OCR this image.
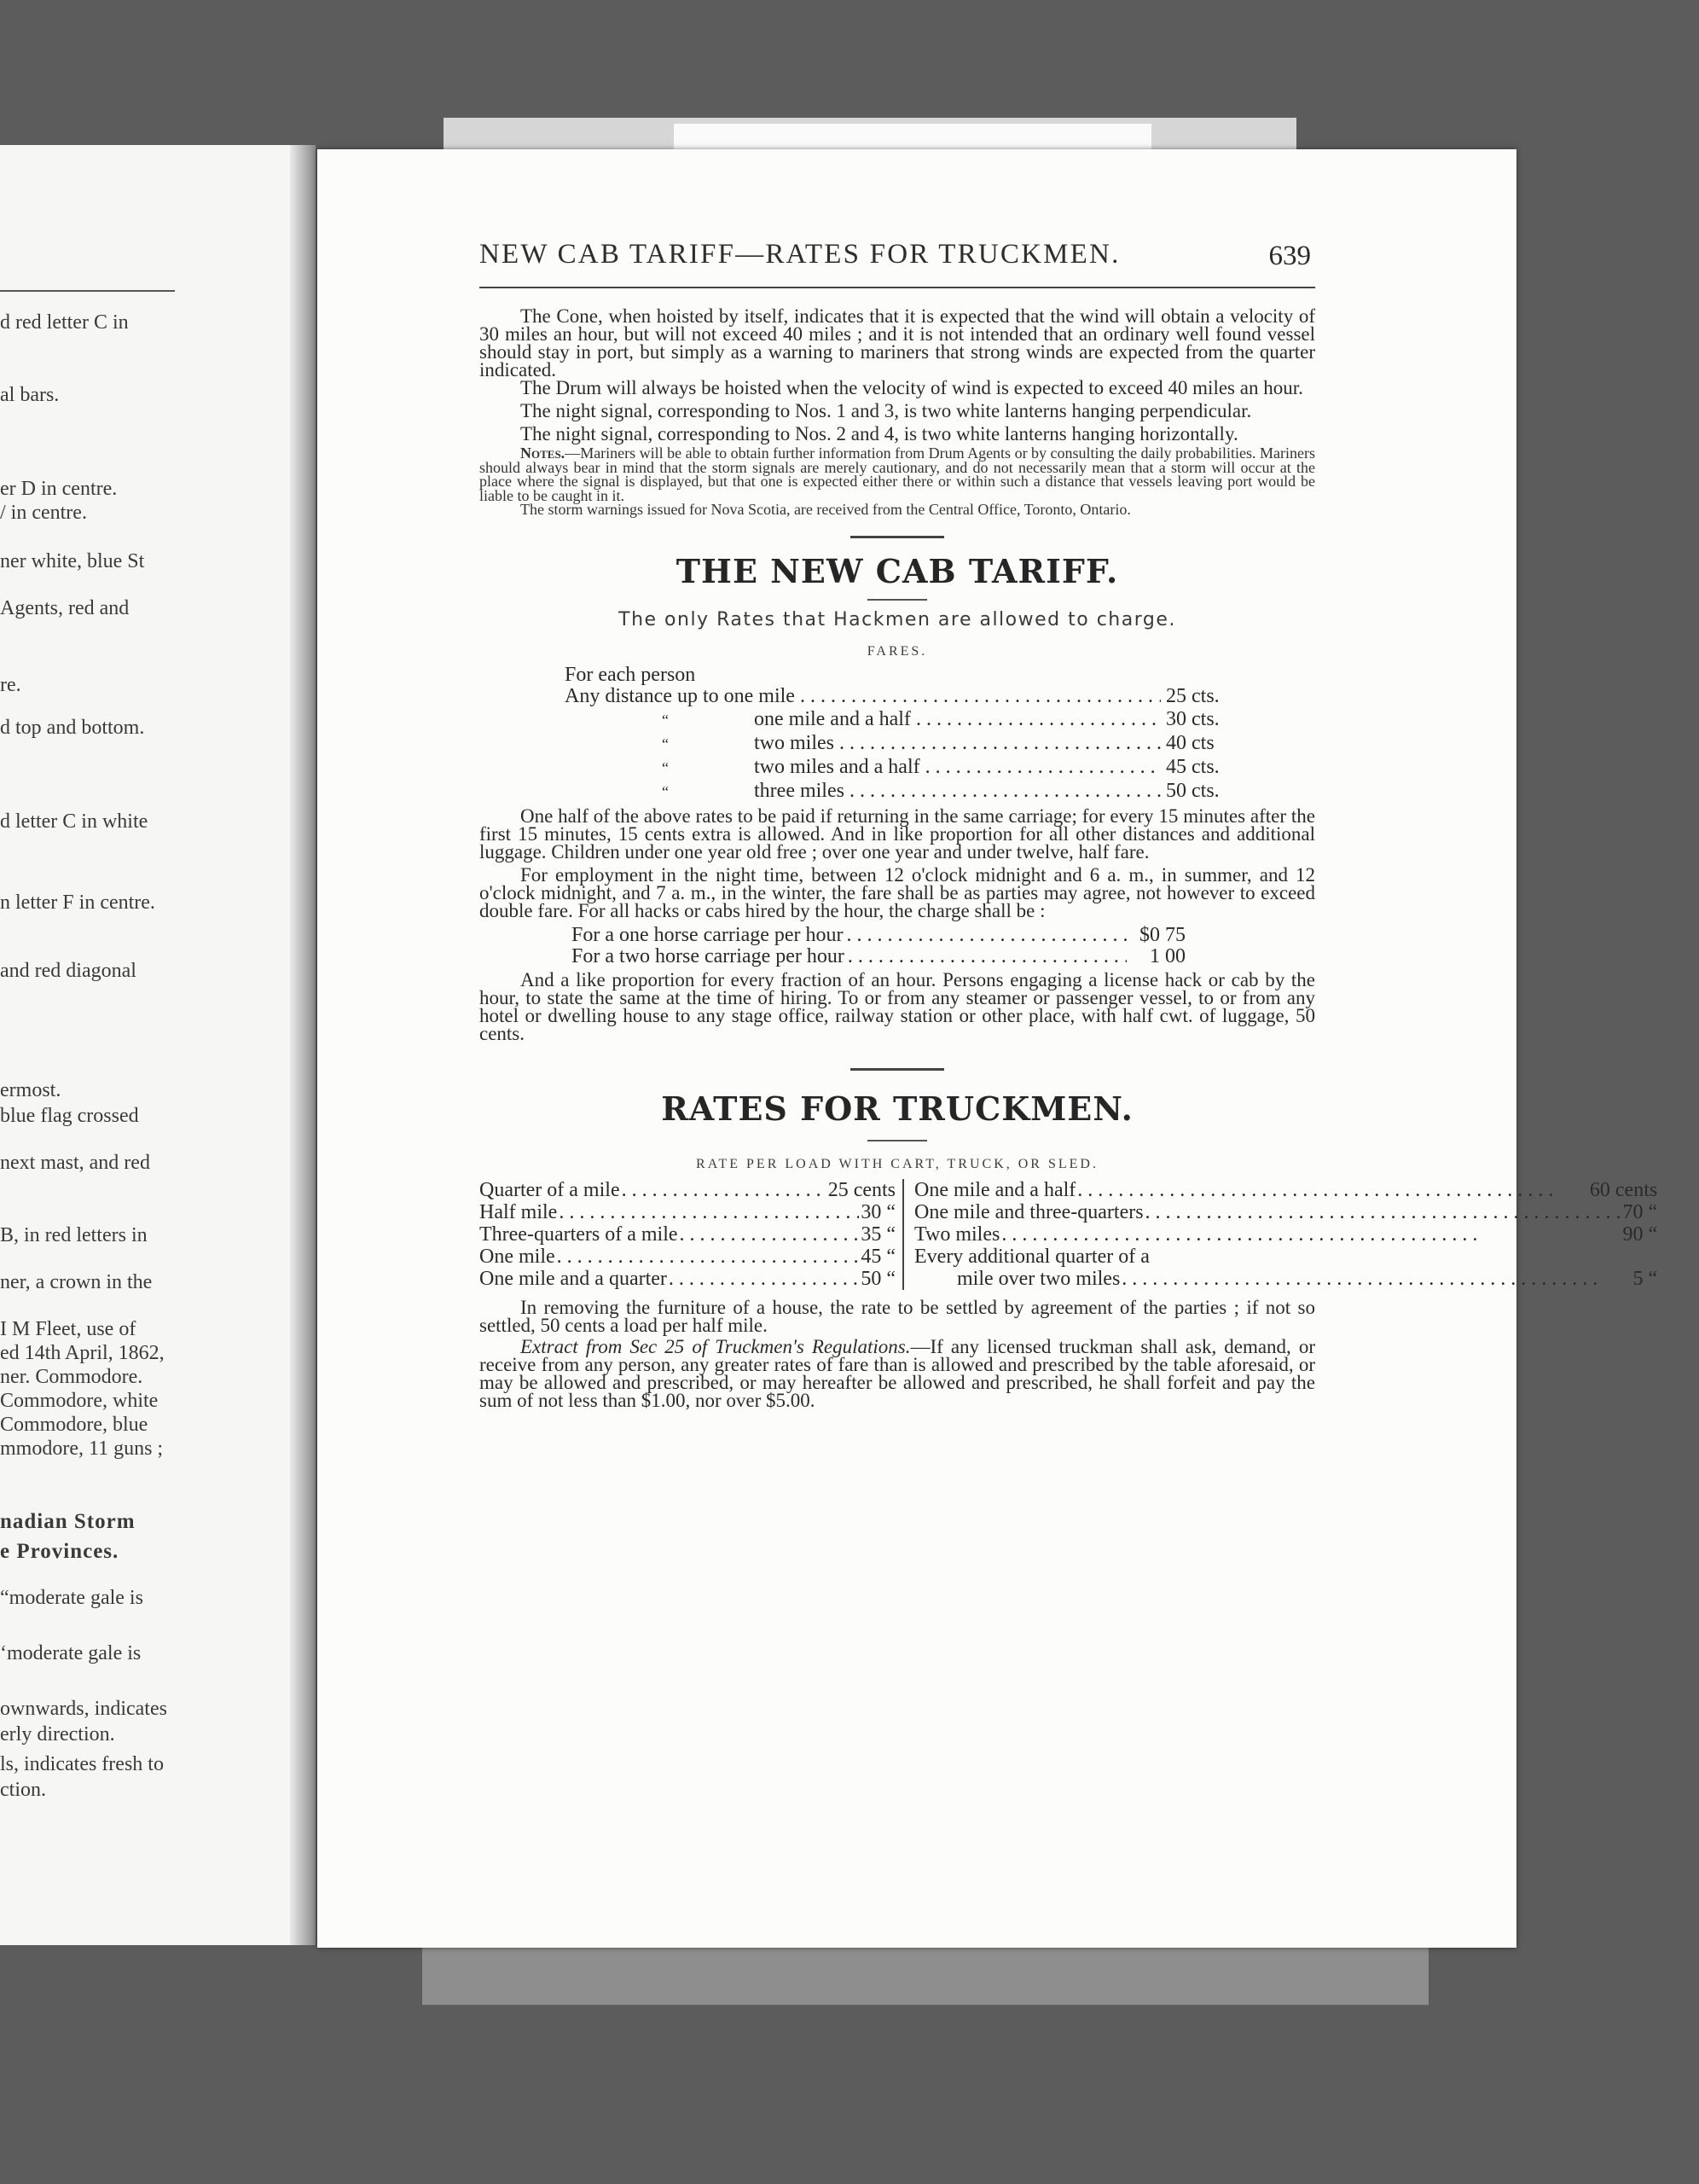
d red letter C in
al bars.
er D in centre.
/ in centre.
ner white, blue St
Agents, red and
re.
d top and bottom.
d letter C in white
n letter F in centre.
and red diagonal
ermost.
blue flag crossed
next mast, and red
B, in red letters in
ner, a crown in the
I M Fleet, use of
ed 14th April, 1862,
ner. Commodore.
Commodore, white
Commodore, blue
mmodore, 11 guns ;
nadian Storm
e Provinces.
“moderate gale is
‘moderate gale is
ownwards, indicates
erly direction.
ls, indicates fresh to
ction.
NEW CAB TARIFF—RATES FOR TRUCKMEN.	639

The Cone, when hoisted by itself, indicates that it is expected that the wind will obtain a velocity of 30 miles an hour, but will not exceed 40 miles ; and it is not intended that an ordinary well found vessel should stay in port, but simply as a warning to mariners that strong winds are expected from the quarter indicated.

The Drum will always be hoisted when the velocity of wind is expected to exceed 40 miles an hour.

The night signal, corresponding to Nos. 1 and 3, is two white lanterns hanging perpendicular.

The night signal, corresponding to Nos. 2 and 4, is two white lanterns hanging horizontally.

Notes.—Mariners will be able to obtain further information from Drum Agents or by consulting the daily probabilities. Mariners should always bear in mind that the storm signals are merely cautionary, and do not necessarily mean that a storm will occur at the place where the signal is displayed, but that one is expected either there or within such a distance that vessels leaving port would be liable to be caught in it.

The storm warnings issued for Nova Scotia, are received from the Central Office, Toronto, Ontario.

THE NEW CAB TARIFF.
The only Rates that Hackmen are allowed to charge.
FARES.
For each person
Any distance up to one mile . . .	25 cts.
“	one mile and a half . . .	30 cts.
“	two miles . . .	40 cts
“	two miles and a half . . .	45 cts.
“	three miles . . .	50 cts.

One half of the above rates to be paid if returning in the same carriage; for every 15 minutes after the first 15 minutes, 15 cents extra is allowed. And in like proportion for all other distances and additional luggage. Children under one year old free ; over one year and under twelve, half fare.

For employment in the night time, between 12 o'clock midnight and 6 a. m., in summer, and 12 o'clock midnight, and 7 a. m., in the winter, the fare shall be as parties may agree, not however to exceed double fare. For all hacks or cabs hired by the hour, the charge shall be :

For a one horse carriage per hour . . .	$0 75
For a two horse carriage per hour . . .	1 00

And a like proportion for every fraction of an hour. Persons engaging a license hack or cab by the hour, to state the same at the time of hiring. To or from any steamer or passenger vessel, to or from any hotel or dwelling house to any stage office, railway station or other place, with half cwt. of luggage, 50 cents.

RATES FOR TRUCKMEN.
RATE PER LOAD WITH CART, TRUCK, OR SLED.
Quarter of a mile . . .	25 cents
Half mile . . .	30 “
Three-quarters of a mile . . .	35 “
One mile . . .	45 “
One mile and a quarter . . .	50 “
One mile and a half . . .	60 cents
One mile and three-quarters . . .	70 “
Two miles . . .	90 “
Every additional quarter of a
mile over two miles . . .	5 “

In removing the furniture of a house, the rate to be settled by agreement of the parties ; if not so settled, 50 cents a load per half mile.

Extract from Sec 25 of Truckmen's Regulations.—If any licensed truckman shall ask, demand, or receive from any person, any greater rates of fare than is allowed and prescribed by the table aforesaid, or may be allowed and prescribed, or may hereafter be allowed and prescribed, he shall forfeit and pay the sum of not less than $1.00, nor over $5.00.
